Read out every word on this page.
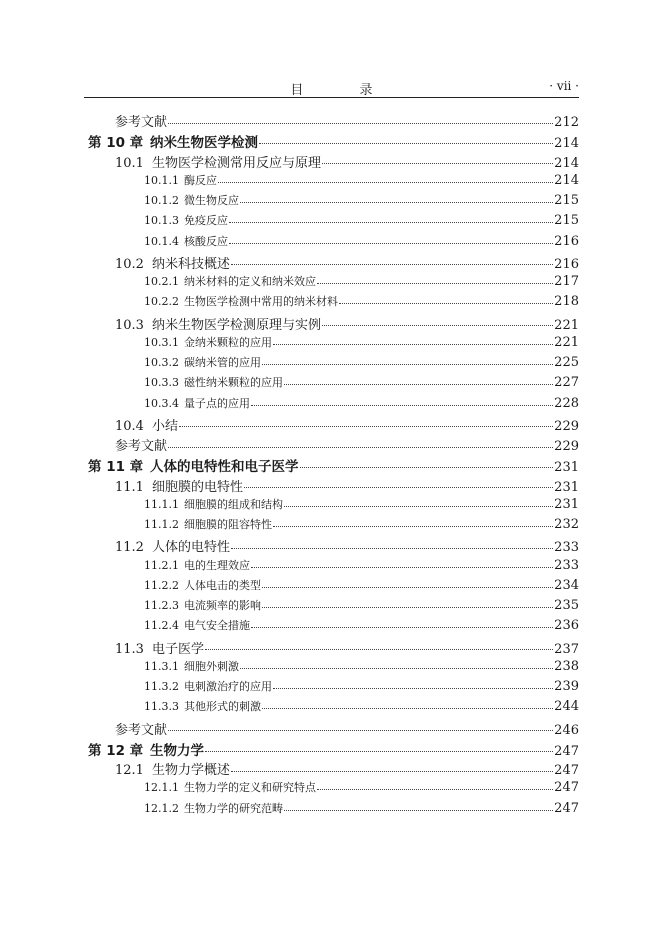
目 录	· vii ·
参考文献	212
第 10 章 纳米生物医学检测	214
10.1 生物医学检测常用反应与原理	214
10.1.1 酶反应	214
10.1.2 微生物反应	215
10.1.3 免疫反应	215
10.1.4 核酸反应	216
10.2 纳米科技概述	216
10.2.1 纳米材料的定义和纳米效应	217
10.2.2 生物医学检测中常用的纳米材料	218
10.3 纳米生物医学检测原理与实例	221
10.3.1 金纳米颗粒的应用	221
10.3.2 碳纳米管的应用	225
10.3.3 磁性纳米颗粒的应用	227
10.3.4 量子点的应用	228
10.4 小结	229
参考文献	229
第 11 章 人体的电特性和电子医学	231
11.1 细胞膜的电特性	231
11.1.1 细胞膜的组成和结构	231
11.1.2 细胞膜的阻容特性	232
11.2 人体的电特性	233
11.2.1 电的生理效应	233
11.2.2 人体电击的类型	234
11.2.3 电流频率的影响	235
11.2.4 电气安全措施	236
11.3 电子医学	237
11.3.1 细胞外刺激	238
11.3.2 电刺激治疗的应用	239
11.3.3 其他形式的刺激	244
参考文献	246
第 12 章 生物力学	247
12.1 生物力学概述	247
12.1.1 生物力学的定义和研究特点	247
12.1.2 生物力学的研究范畴	247
